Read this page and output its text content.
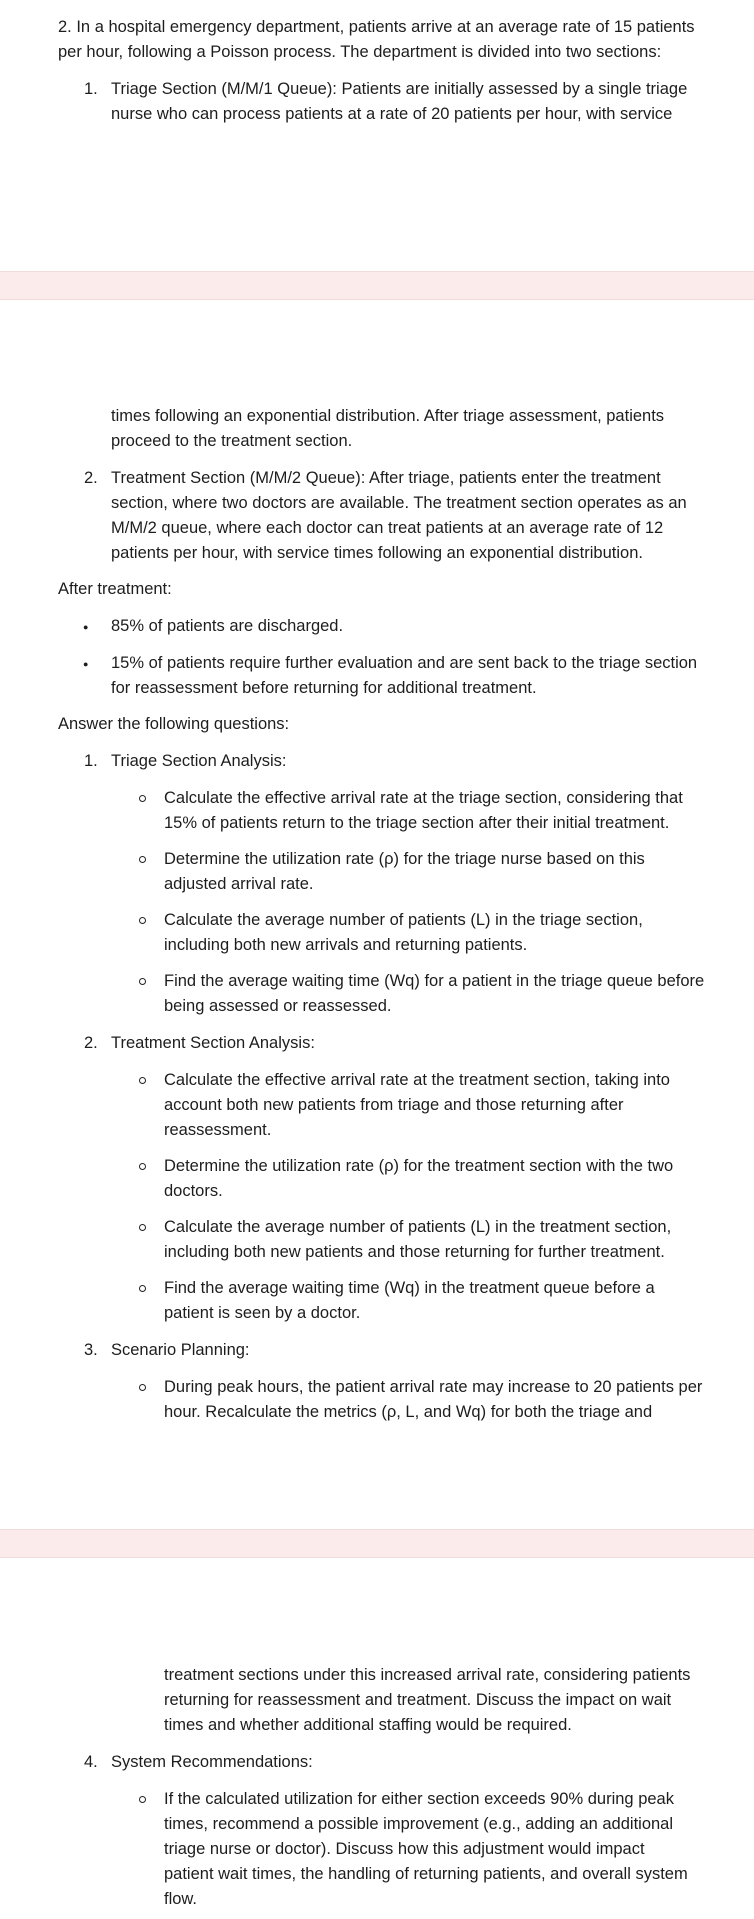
2. In a hospital emergency department, patients arrive at an average rate of 15 patients

per hour, following a Poisson process. The department is divided into two sections:

1. Triage Section (M/M/1 Queue): Patients are initially assessed by a single triage

nurse who can process patients at a rate of 20 patients per hour, with service

times following an exponential distribution. After triage assessment, patients

proceed to the treatment section.

2. Treatment Section (M/M/2 Queue): After triage, patients enter the treatment

section, where two doctors are available. The treatment section operates as an

M/M/2 queue, where each doctor can treat patients at an average rate of 12

patients per hour, with service times following an exponential distribution.

After treatment:

● 85% of patients are discharged.

● 15% of patients require further evaluation and are sent back to the triage section

for reassessment before returning for additional treatment.

Answer the following questions:

1. Triage Section Analysis:

Calculate the effective arrival rate at the triage section, considering that

15% of patients return to the triage section after their initial treatment.

Determine the utilization rate (ρ) for the triage nurse based on this

adjusted arrival rate.

Calculate the average number of patients (L) in the triage section,

including both new arrivals and returning patients.

Find the average waiting time (Wq) for a patient in the triage queue before

being assessed or reassessed.

2. Treatment Section Analysis:

Calculate the effective arrival rate at the treatment section, taking into

account both new patients from triage and those returning after

reassessment.

Determine the utilization rate (ρ) for the treatment section with the two

doctors.

Calculate the average number of patients (L) in the treatment section,

including both new patients and those returning for further treatment.

Find the average waiting time (Wq) in the treatment queue before a

patient is seen by a doctor.

3. Scenario Planning:

During peak hours, the patient arrival rate may increase to 20 patients per

hour. Recalculate the metrics (ρ, L, and Wq) for both the triage and

treatment sections under this increased arrival rate, considering patients

returning for reassessment and treatment. Discuss the impact on wait

times and whether additional staffing would be required.

4. System Recommendations:

If the calculated utilization for either section exceeds 90% during peak

times, recommend a possible improvement (e.g., adding an additional

triage nurse or doctor). Discuss how this adjustment would impact

patient wait times, the handling of returning patients, and overall system

flow.
